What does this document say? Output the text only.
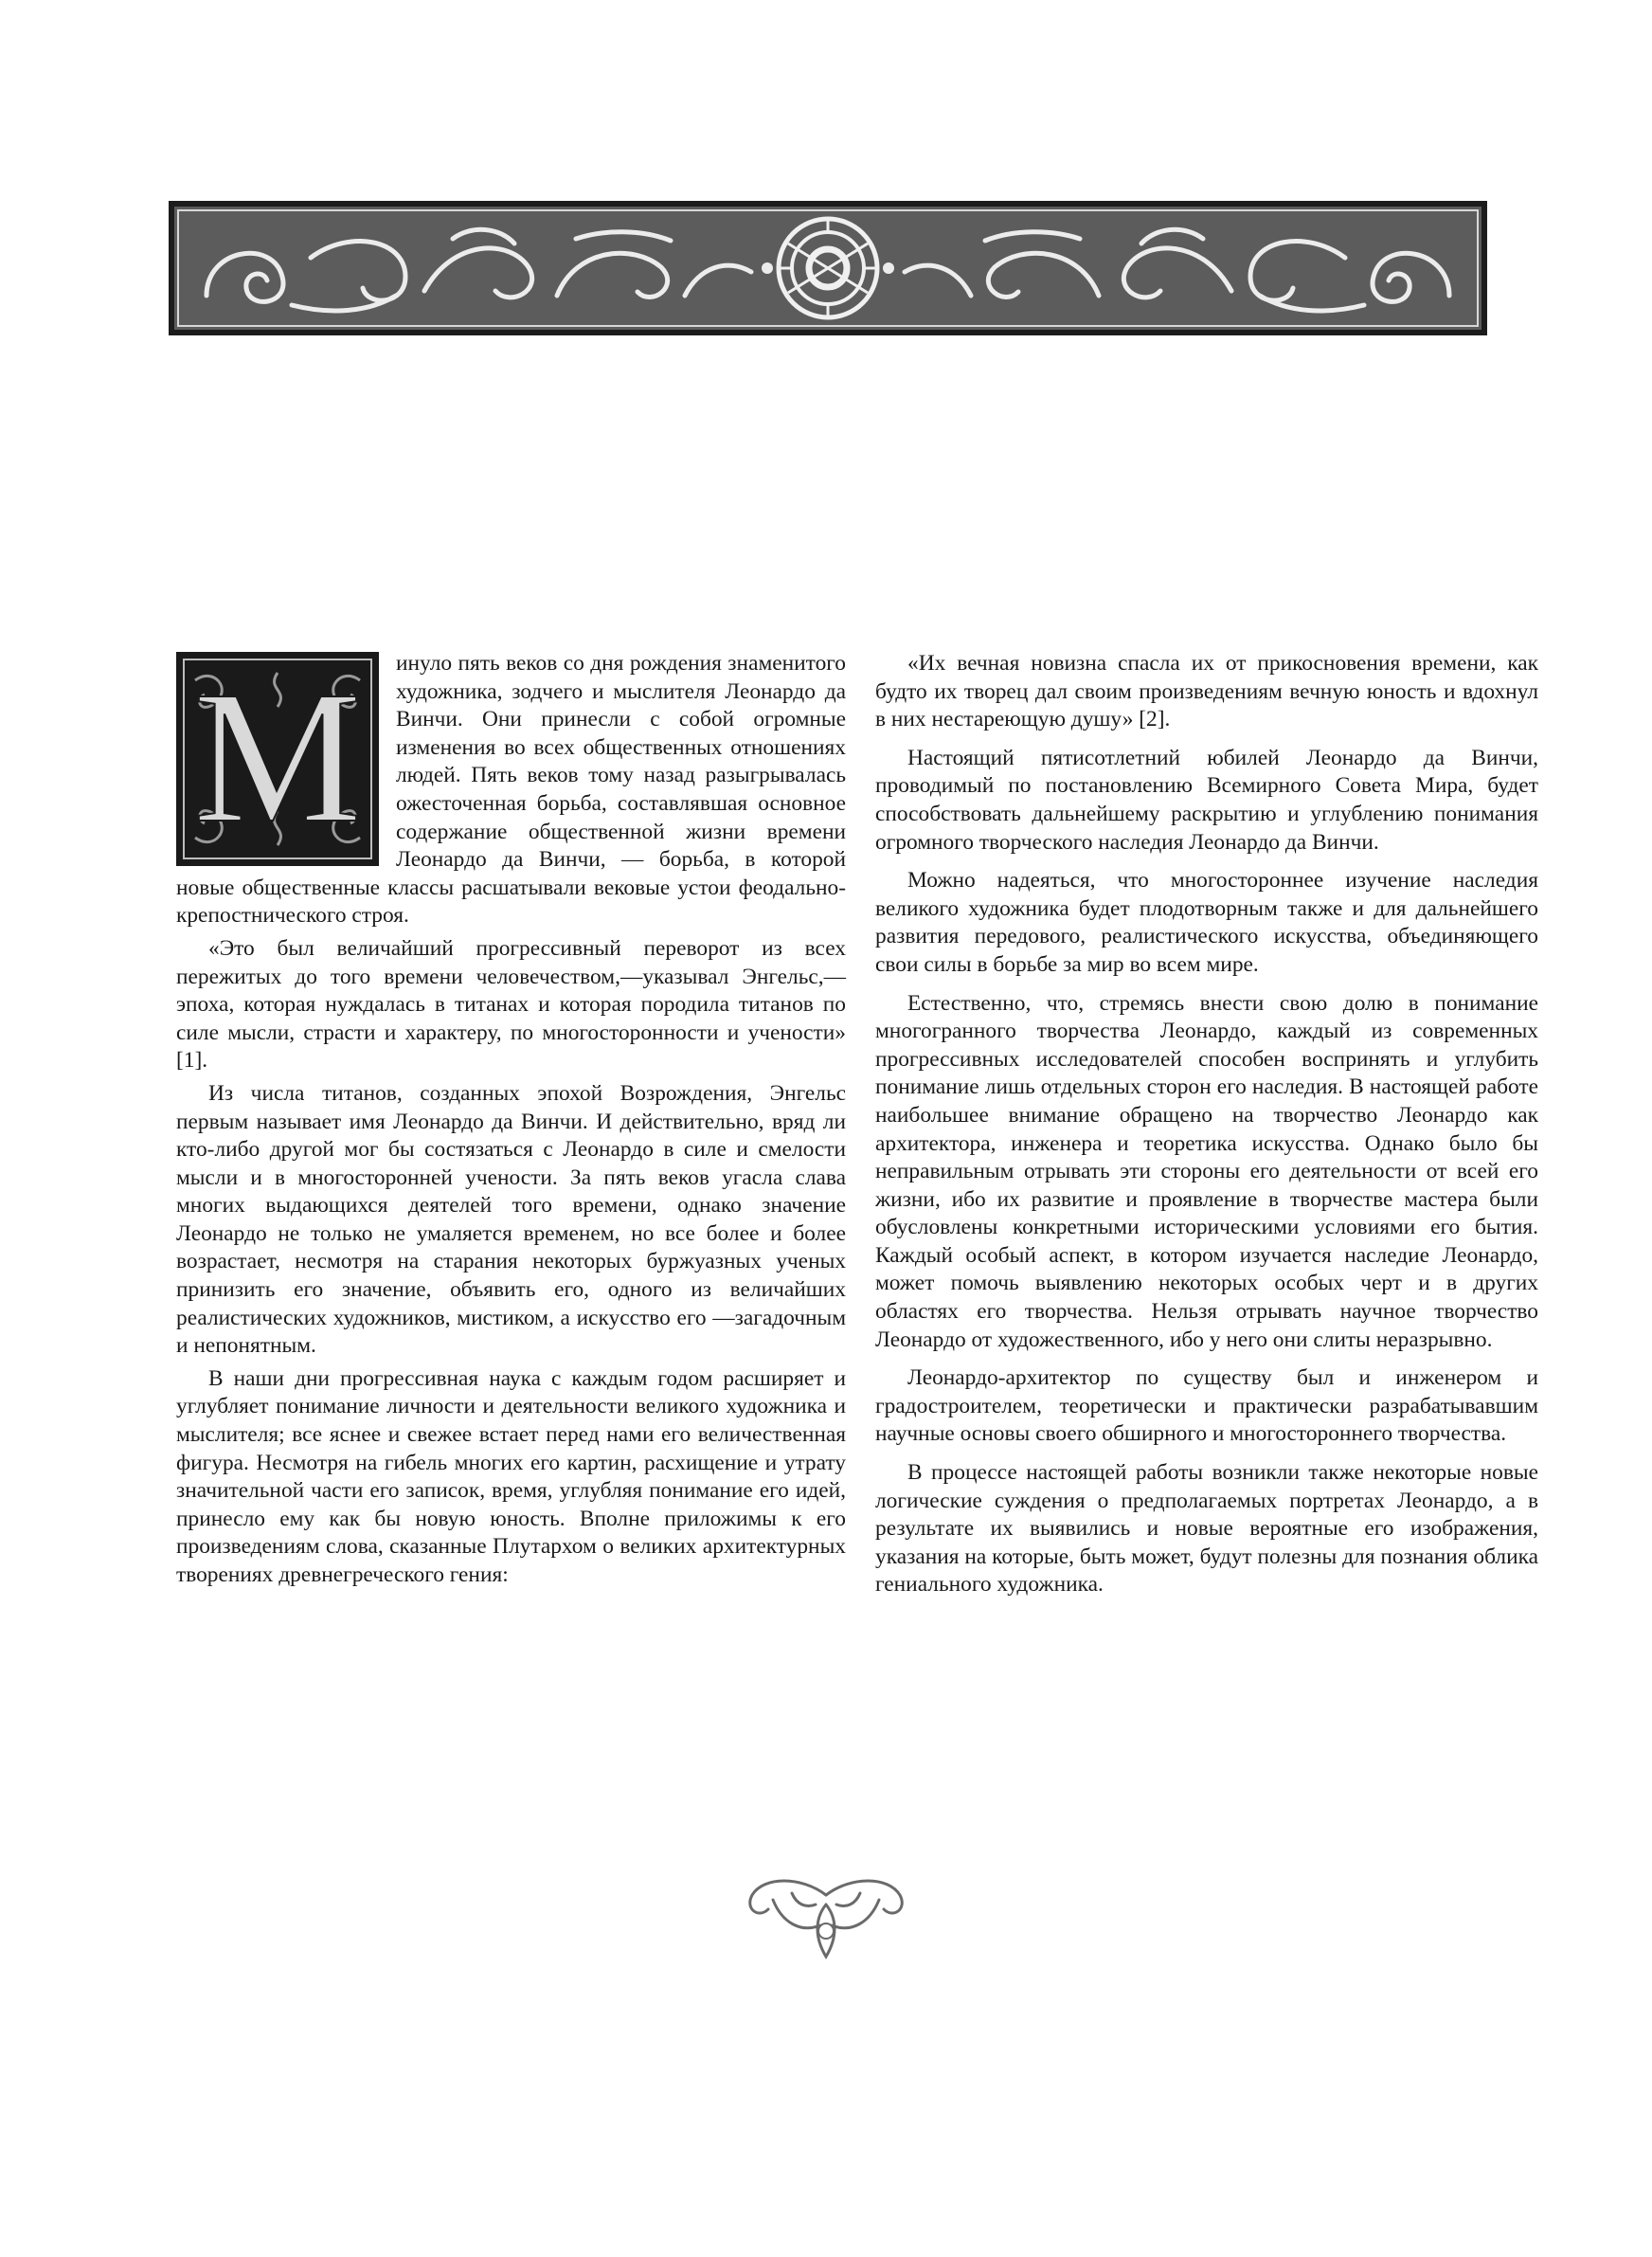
M	инуло пять веков со дня рождения знаменитого художника, зодчего и мыслителя Леонардо да Винчи. Они принесли с собой огромные изменения во всех общественных отношениях людей. Пять веков тому назад разыгрывалась ожесточенная борьба, составлявшая основное содержание общественной жизни времени Леонардо да Винчи, — борьба, в которой новые общественные классы расшатывали вековые устои феодально-крепостнического строя.

«Это был величайший прогрессивный переворот из всех пережитых до того времени человечеством,—указывал Энгельс,— эпоха, которая нуждалась в титанах и которая породила титанов по силе мысли, страсти и характеру, по многосторонности и учености» [1].

Из числа титанов, созданных эпохой Возрождения, Энгельс первым называет имя Леонардо да Винчи. И действительно, вряд ли кто-либо другой мог бы состязаться с Леонардо в силе и смелости мысли и в многосторонней учености. За пять веков угасла слава многих выдающихся деятелей того времени, однако значение Леонардо не только не умаляется временем, но все более и более возрастает, несмотря на старания некоторых буржуазных ученых принизить его значение, объявить его, одного из величайших реалистических художников, мистиком, а искусство его —загадочным и непонятным.

В наши дни прогрессивная наука с каждым годом расширяет и углубляет понимание личности и деятельности великого художника и мыслителя; все яснее и свежее встает перед нами его величественная фигура. Несмотря на гибель многих его картин, расхищение и утрату значительной части его записок, время, углубляя понимание его идей, принесло ему как бы новую юность. Вполне приложимы к его произведениям слова, сказанные Плутархом о великих архитектурных творениях древнегреческого гения:

«Их вечная новизна спасла их от прикосновения времени, как будто их творец дал своим произведениям вечную юность и вдохнул в них нестареющую душу» [2].

Настоящий пятисотлетний юбилей Леонардо да Винчи, проводимый по постановлению Всемирного Совета Мира, будет способствовать дальнейшему раскрытию и углублению понимания огромного творческого наследия Леонардо да Винчи.

Можно надеяться, что многостороннее изучение наследия великого художника будет плодотворным также и для дальнейшего развития передового, реалистического искусства, объединяющего свои силы в борьбе за мир во всем мире.

Естественно, что, стремясь внести свою долю в понимание многогранного творчества Леонардо, каждый из современных прогрессивных исследователей способен воспринять и углубить понимание лишь отдельных сторон его наследия. В настоящей работе наибольшее внимание обращено на творчество Леонардо как архитектора, инженера и теоретика искусства. Однако было бы неправильным отрывать эти стороны его деятельности от всей его жизни, ибо их развитие и проявление в творчестве мастера были обусловлены конкретными историческими условиями его бытия. Каждый особый аспект, в котором изучается наследие Леонардо, может помочь выявлению некоторых особых черт и в других областях его творчества. Нельзя отрывать научное творчество Леонардо от художественного, ибо у него они слиты неразрывно.

Леонардо-архитектор по существу был и инженером и градостроителем, теоретически и практически разрабатывавшим научные основы своего обширного и многостороннего творчества.

В процессе настоящей работы возникли также некоторые новые логические суждения о предполагаемых портретах Леонардо, а в результате их выявились и новые вероятные его изображения, указания на которые, быть может, будут полезны для познания облика гениального художника.
